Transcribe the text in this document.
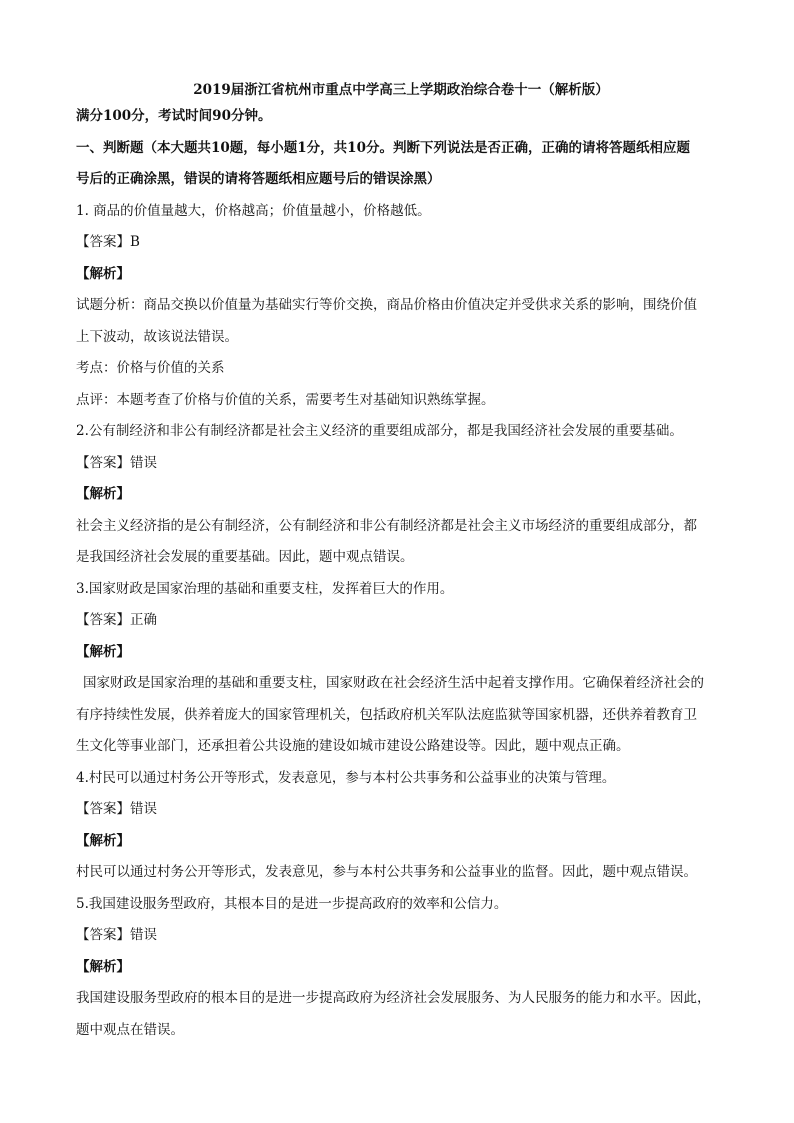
2019届浙江省杭州市重点中学高三上学期政治综合卷十一（解析版）
满分100分，考试时间90分钟。
一、判断题（本大题共10题，每小题1分，共10分。判断下列说法是否正确，正确的请将答题纸相应题
号后的正确涂黑，错误的请将答题纸相应题号后的错误涂黑）
1. 商品的价值量越大，价格越高；价值量越小，价格越低。
【答案】B
【解析】
试题分析：商品交换以价值量为基础实行等价交换，商品价格由价值决定并受供求关系的影响，围绕价值
上下波动，故该说法错误。
考点：价格与价值的关系
点评：本题考查了价格与价值的关系，需要考生对基础知识熟练掌握。
2.公有制经济和非公有制经济都是社会主义经济的重要组成部分，都是我国经济社会发展的重要基础。
【答案】错误
【解析】
社会主义经济指的是公有制经济，公有制经济和非公有制经济都是社会主义市场经济的重要组成部分，都
是我国经济社会发展的重要基础。因此，题中观点错误。
3.国家财政是国家治理的基础和重要支柱，发挥着巨大的作用。
【答案】正确
【解析】
国家财政是国家治理的基础和重要支柱，国家财政在社会经济生活中起着支撑作用。它确保着经济社会的
有序持续性发展，供养着庞大的国家管理机关，包括政府机关军队法庭监狱等国家机器，还供养着教育卫
生文化等事业部门，还承担着公共设施的建设如城市建设公路建设等。因此，题中观点正确。
4.村民可以通过村务公开等形式，发表意见，参与本村公共事务和公益事业的决策与管理。
【答案】错误
【解析】
村民可以通过村务公开等形式，发表意见，参与本村公共事务和公益事业的监督。因此，题中观点错误。
5.我国建设服务型政府，其根本目的是进一步提高政府的效率和公信力。
【答案】错误
【解析】
我国建设服务型政府的根本目的是进一步提高政府为经济社会发展服务、为人民服务的能力和水平。因此，
题中观点在错误。
